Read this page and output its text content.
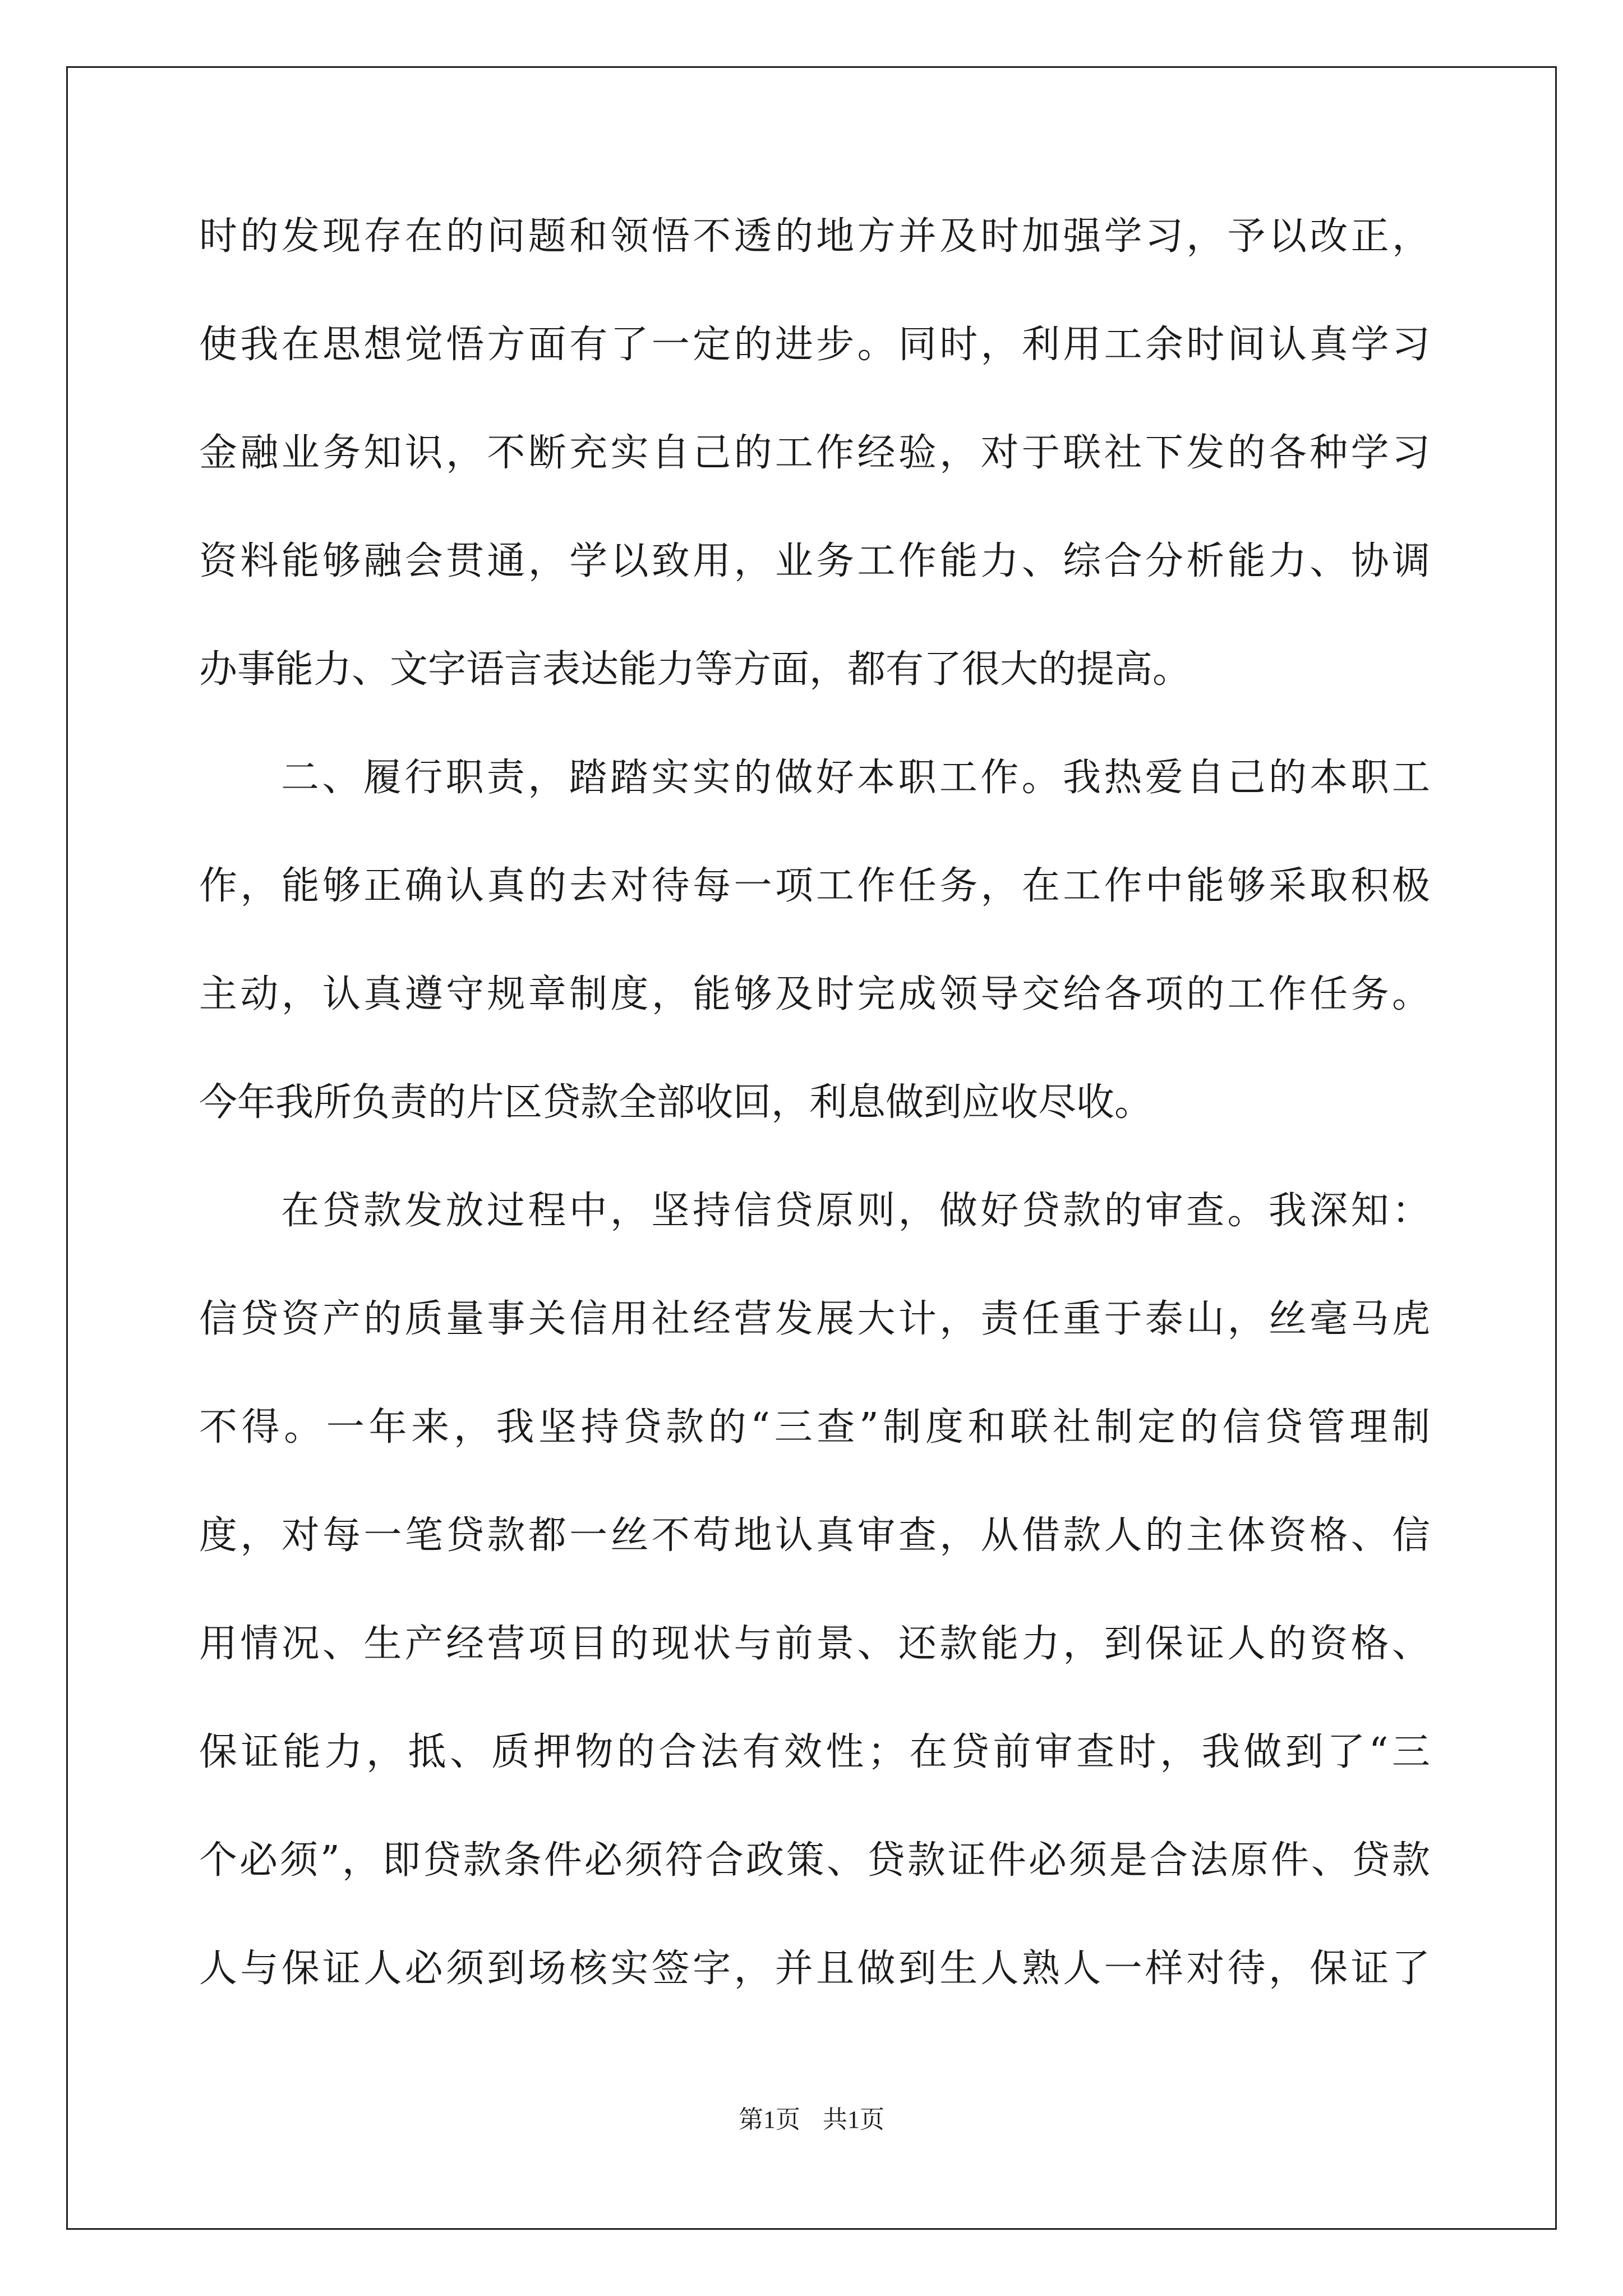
时的发现存在的问题和领悟不透的地方并及时加强学习，予以改正，
使我在思想觉悟方面有了一定的进步。同时，利用工余时间认真学习
金融业务知识，不断充实自己的工作经验，对于联社下发的各种学习
资料能够融会贯通，学以致用，业务工作能力、综合分析能力、协调
办事能力、文字语言表达能力等方面，都有了很大的提高。
二、履行职责，踏踏实实的做好本职工作。我热爱自己的本职工
作，能够正确认真的去对待每一项工作任务，在工作中能够采取积极
主动，认真遵守规章制度，能够及时完成领导交给各项的工作任务。
今年我所负责的片区贷款全部收回，利息做到应收尽收。
在贷款发放过程中，坚持信贷原则，做好贷款的审查。我深知：
信贷资产的质量事关信用社经营发展大计，责任重于泰山，丝毫马虎
不得。一年来，我坚持贷款的“三查”制度和联社制定的信贷管理制
度，对每一笔贷款都一丝不苟地认真审查，从借款人的主体资格、信
用情况、生产经营项目的现状与前景、还款能力，到保证人的资格、
保证能力，抵、质押物的合法有效性；在贷前审查时，我做到了“三
个必须”，即贷款条件必须符合政策、贷款证件必须是合法原件、贷款
人与保证人必须到场核实签字，并且做到生人熟人一样对待，保证了
第1页 共1页
